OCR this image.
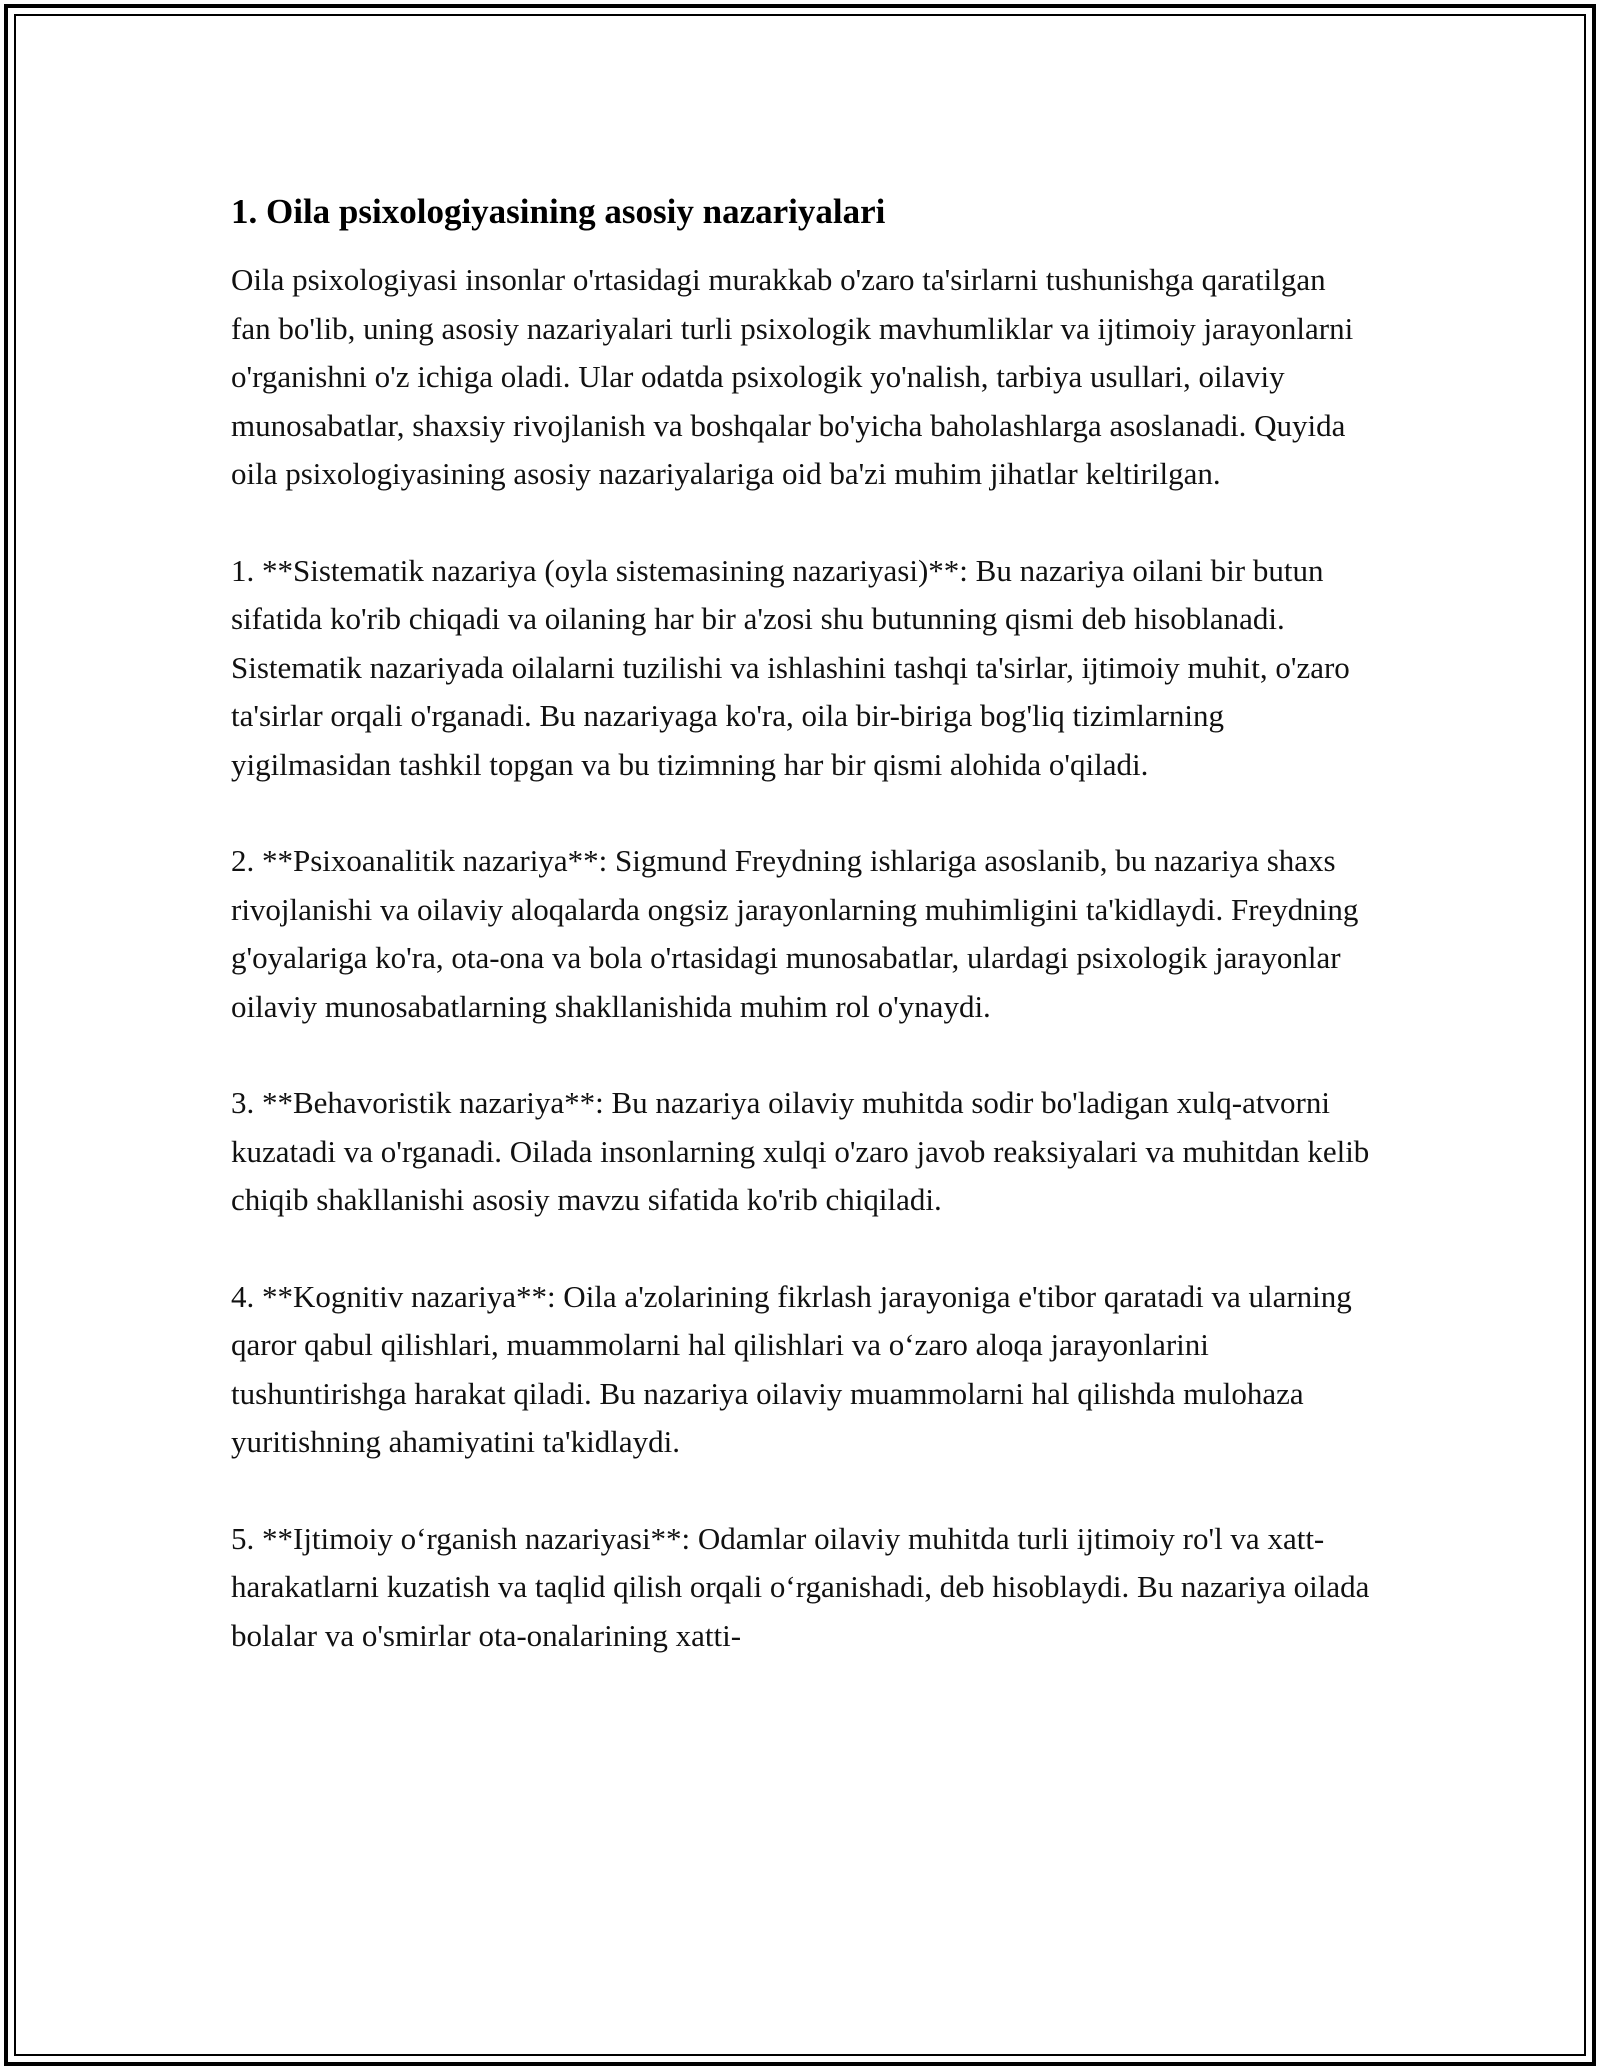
1. Oila psixologiyasining asosiy nazariyalari

Oila psixologiyasi insonlar o'rtasidagi murakkab o'zaro ta'sirlarni tushunishga qaratilgan fan bo'lib, uning asosiy nazariyalari turli psixologik mavhumliklar va ijtimoiy jarayonlarni o'rganishni o'z ichiga oladi. Ular odatda psixologik yo'nalish, tarbiya usullari, oilaviy munosabatlar, shaxsiy rivojlanish va boshqalar bo'yicha baholashlarga asoslanadi. Quyida oila psixologiyasining asosiy nazariyalariga oid ba'zi muhim jihatlar keltirilgan.

1. **Sistematik nazariya (oyla sistemasining nazariyasi)**: Bu nazariya oilani bir butun sifatida ko'rib chiqadi va oilaning har bir a'zosi shu butunning qismi deb hisoblanadi. Sistematik nazariyada oilalarni tuzilishi va ishlashini tashqi ta'sirlar, ijtimoiy muhit, o'zaro ta'sirlar orqali o'rganadi. Bu nazariyaga ko'ra, oila bir-biriga bog'liq tizimlarning yigilmasidan tashkil topgan va bu tizimning har bir qismi alohida o'qiladi.

2. **Psixoanalitik nazariya**: Sigmund Freydning ishlariga asoslanib, bu nazariya shaxs rivojlanishi va oilaviy aloqalarda ongsiz jarayonlarning muhimligini ta'kidlaydi. Freydning g'oyalariga ko'ra, ota-ona va bola o'rtasidagi munosabatlar, ulardagi psixologik jarayonlar oilaviy munosabatlarning shakllanishida muhim rol o'ynaydi.

3. **Behavoristik nazariya**: Bu nazariya oilaviy muhitda sodir bo'ladigan xulq-atvorni kuzatadi va o'rganadi. Oilada insonlarning xulqi o'zaro javob reaksiyalari va muhitdan kelib chiqib shakllanishi asosiy mavzu sifatida ko'rib chiqiladi.

4. **Kognitiv nazariya**: Oila a'zolarining fikrlash jarayoniga e'tibor qaratadi va ularning qaror qabul qilishlari, muammolarni hal qilishlari va o‘zaro aloqa jarayonlarini tushuntirishga harakat qiladi. Bu nazariya oilaviy muammolarni hal qilishda mulohaza yuritishning ahamiyatini ta'kidlaydi.

5. **Ijtimoiy o‘rganish nazariyasi**: Odamlar oilaviy muhitda turli ijtimoiy ro'l va xatt-harakatlarni kuzatish va taqlid qilish orqali o‘rganishadi, deb hisoblaydi. Bu nazariya oilada bolalar va o'smirlar ota-onalarining xatti-
